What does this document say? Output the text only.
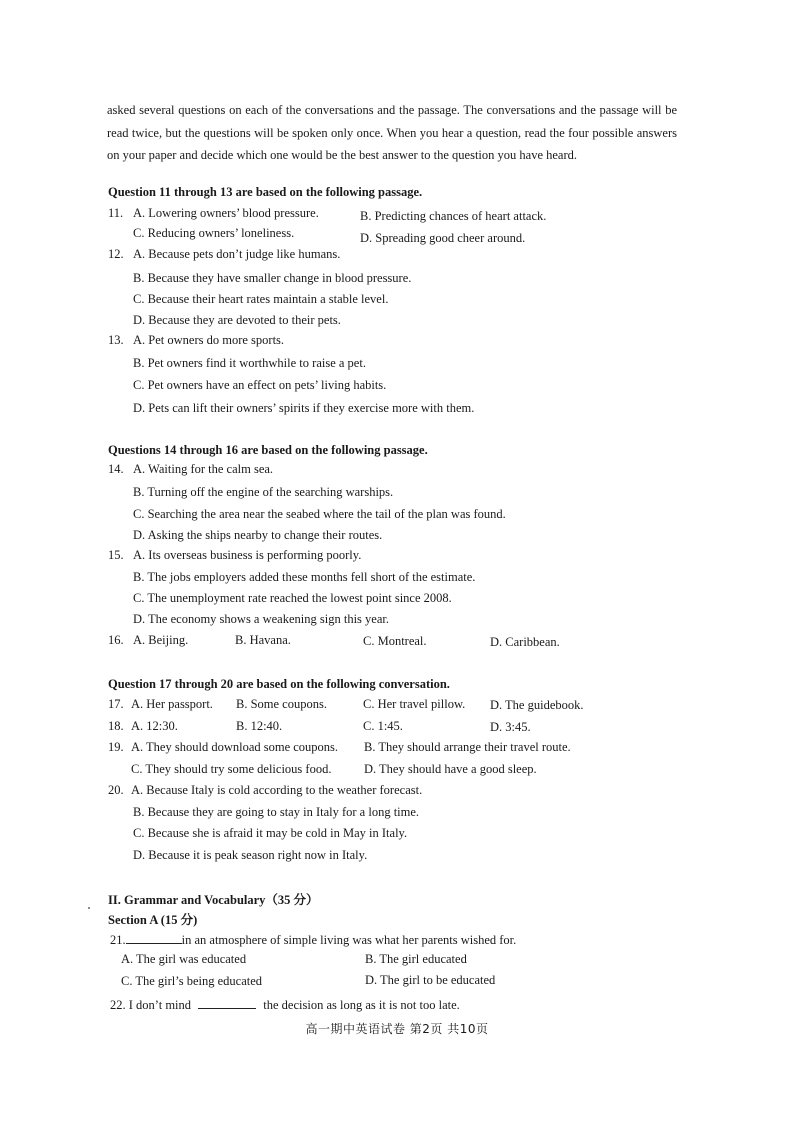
asked several questions on each of the conversations and the passage. The conversations and the passage will be read twice, but the questions will be spoken only once. When you hear a question, read the four possible answers on your paper and decide which one would be the best answer to the question you have heard.
Question 11 through 13 are based on the following passage.
11. A. Lowering owners’ blood pressure.	B. Predicting chances of heart attack.
C. Reducing owners’ loneliness.	D. Spreading good cheer around.
12. A. Because pets don’t judge like humans.
B. Because they have smaller change in blood pressure.
C. Because their heart rates maintain a stable level.
D. Because they are devoted to their pets.
13. A. Pet owners do more sports.
B. Pet owners find it worthwhile to raise a pet.
C. Pet owners have an effect on pets’ living habits.
D. Pets can lift their owners’ spirits if they exercise more with them.
Questions 14 through 16 are based on the following passage.
14. A. Waiting for the calm sea.
B. Turning off the engine of the searching warships.
C. Searching the area near the seabed where the tail of the plan was found.
D. Asking the ships nearby to change their routes.
15. A. Its overseas business is performing poorly.
B. The jobs employers added these months fell short of the estimate.
C. The unemployment rate reached the lowest point since 2008.
D. The economy shows a weakening sign this year.
16. A. Beijing.	B. Havana.	C. Montreal.	D. Caribbean.
Question 17 through 20 are based on the following conversation.
17. A. Her passport. B. Some coupons.	C. Her travel pillow. D. The guidebook.
18. A. 12:30.	B. 12:40.	C. 1:45.	D. 3:45.
19. A. They should download some coupons. B. They should arrange their travel route.
C. They should try some delicious food.	D. They should have a good sleep.
20. A. Because Italy is cold according to the weather forecast.
B. Because they are going to stay in Italy for a long time.
C. Because she is afraid it may be cold in May in Italy.
D. Because it is peak season right now in Italy.
II. Grammar and Vocabulary（35 分）
Section A (15 分)
21.	in an atmosphere of simple living was what her parents wished for.
A. The girl was educated	B. The girl educated
C. The girl’s being educated	D. The girl to be educated
22. I don’t mind	the decision as long as it is not too late.
高一期中英语试卷 第2页 共10页
